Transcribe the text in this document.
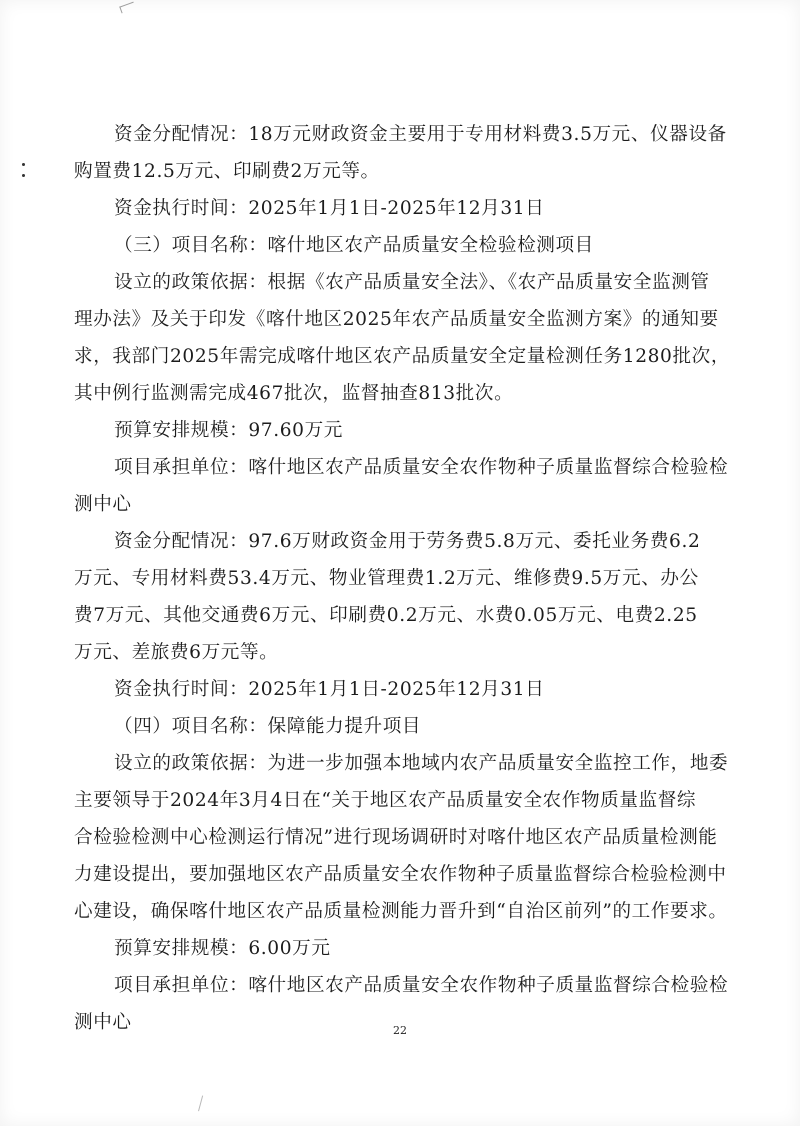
资金分配情况：18万元财政资金主要用于专用材料费3.5万元、仪器设备
购置费12.5万元、印刷费2万元等。
资金执行时间：2025年1月1日-2025年12月31日
（三）项目名称：喀什地区农产品质量安全检验检测项目
设立的政策依据：根据《农产品质量安全法》、《农产品质量安全监测管
理办法》及关于印发《喀什地区2025年农产品质量安全监测方案》的通知要
求，我部门2025年需完成喀什地区农产品质量安全定量检测任务1280批次，
其中例行监测需完成467批次，监督抽查813批次。
预算安排规模：97.60万元
项目承担单位：喀什地区农产品质量安全农作物种子质量监督综合检验检
测中心
资金分配情况：97.6万财政资金用于劳务费5.8万元、委托业务费6.2
万元、专用材料费53.4万元、物业管理费1.2万元、维修费9.5万元、办公
费7万元、其他交通费6万元、印刷费0.2万元、水费0.05万元、电费2.25
万元、差旅费6万元等。
资金执行时间：2025年1月1日-2025年12月31日
（四）项目名称：保障能力提升项目
设立的政策依据：为进一步加强本地域内农产品质量安全监控工作，地委
主要领导于2024年3月4日在“关于地区农产品质量安全农作物质量监督综
合检验检测中心检测运行情况”进行现场调研时对喀什地区农产品质量检测能
力建设提出，要加强地区农产品质量安全农作物种子质量监督综合检验检测中
心建设，确保喀什地区农产品质量检测能力晋升到“自治区前列”的工作要求。
预算安排规模：6.00万元
项目承担单位：喀什地区农产品质量安全农作物种子质量监督综合检验检
测中心	22
